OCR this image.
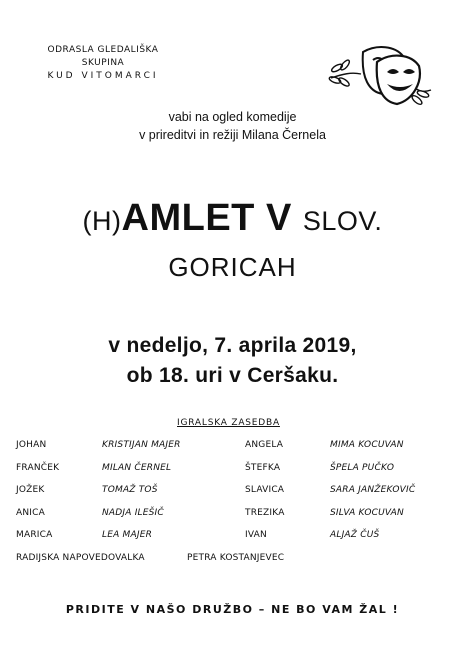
ODRASLA GLEDALIŠKA
SKUPINA
KUD VITOMARCI
vabi na ogled komedije
v prireditvi in režiji Milana Černela
(H)AMLET V SLOV.
GORICAH
v nedeljo, 7. aprila 2019,
ob 18. uri v Ceršaku.
IGRALSKA ZASEDBA
JOHAN	KRISTIJAN MAJER	ANGELA	MIMA KOCUVAN
FRANČEK	MILAN ČERNEL	ŠTEFKA	ŠPELA PUČKO
JOŽEK	TOMAŽ TOŠ	SLAVICA	SARA JANŽEKOVIČ
ANICA	NADJA ILEŠIČ	TREZIKA	SILVA KOCUVAN
MARICA	LEA MAJER	IVAN	ALJAŽ ČUŠ
RADIJSKA NAPOVEDOVALKA	PETRA KOSTANJEVEC
PRIDITE V NAŠO DRUŽBO – NE BO VAM ŽAL !
